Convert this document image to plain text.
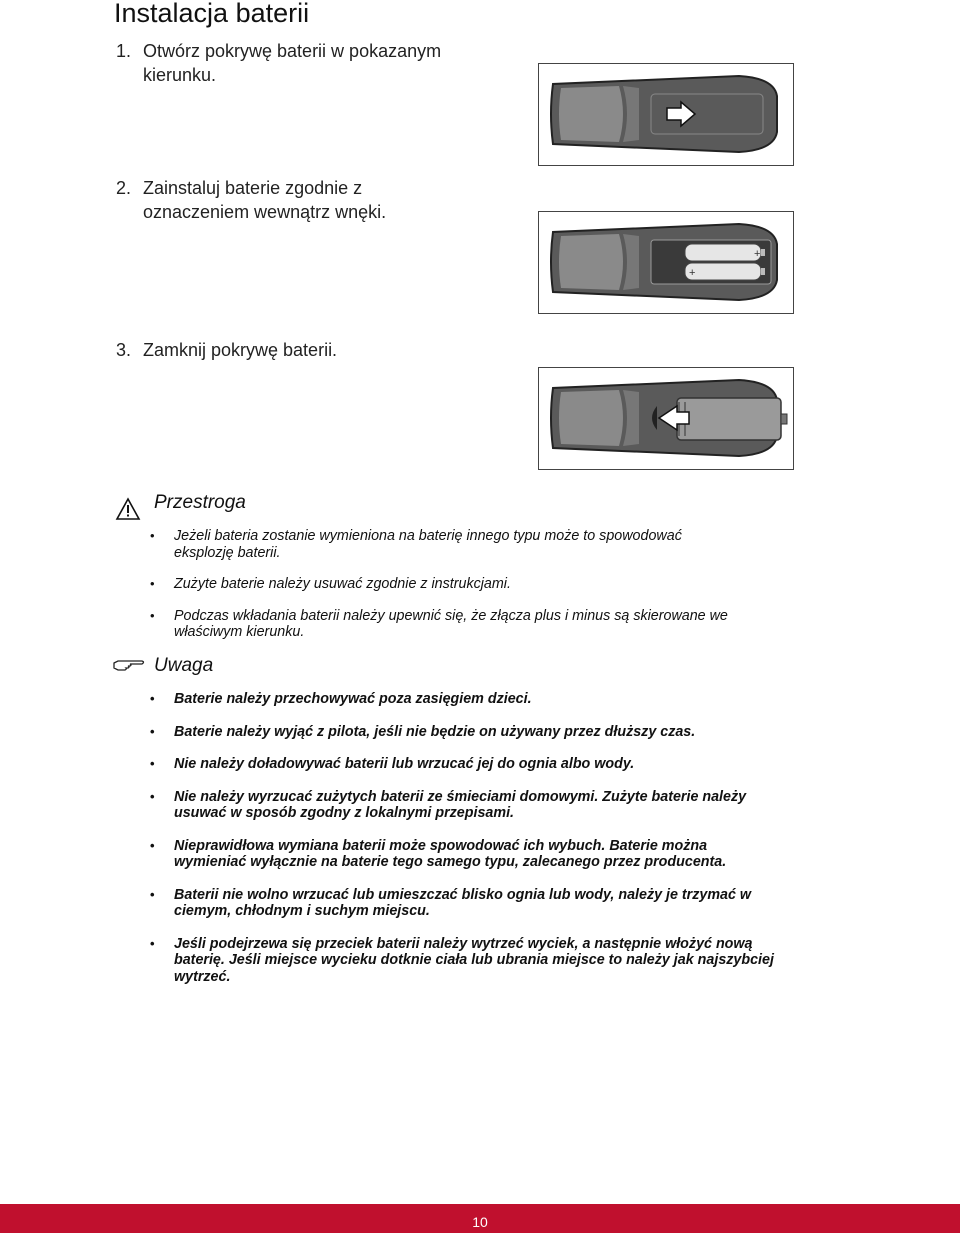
Instalacja baterii
1. Otwórz pokrywę baterii w pokazanym
kierunku.
2. Zainstaluj baterie zgodnie z
oznaczeniem wewnątrz wnęki.
3. Zamknij pokrywę baterii.
+
+
Przestroga
• Jeżeli bateria zostanie wymieniona na baterię innego typu może to spowodować
eksplozję baterii.
• Zużyte baterie należy usuwać zgodnie z instrukcjami.
• Podczas wkładania baterii należy upewnić się, że złącza plus i minus są skierowane we
właściwym kierunku.
Uwaga
• Baterie należy przechowywać poza zasięgiem dzieci.
• Baterie należy wyjąć z pilota, jeśli nie będzie on używany przez dłuższy czas.
• Nie należy doładowywać baterii lub wrzucać jej do ognia albo wody.
• Nie należy wyrzucać zużytych baterii ze śmieciami domowymi. Zużyte baterie należy
usuwać w sposób zgodny z lokalnymi przepisami.
• Nieprawidłowa wymiana baterii może spowodować ich wybuch. Baterie można
wymieniać wyłącznie na baterie tego samego typu, zalecanego przez producenta.
• Baterii nie wolno wrzucać lub umieszczać blisko ognia lub wody, należy je trzymać w
ciemym, chłodnym i suchym miejscu.
• Jeśli podejrzewa się przeciek baterii należy wytrzeć wyciek, a następnie włożyć nową
baterię. Jeśli miejsce wycieku dotknie ciała lub ubrania miejsce to należy jak najszybciej
wytrzeć.
10
